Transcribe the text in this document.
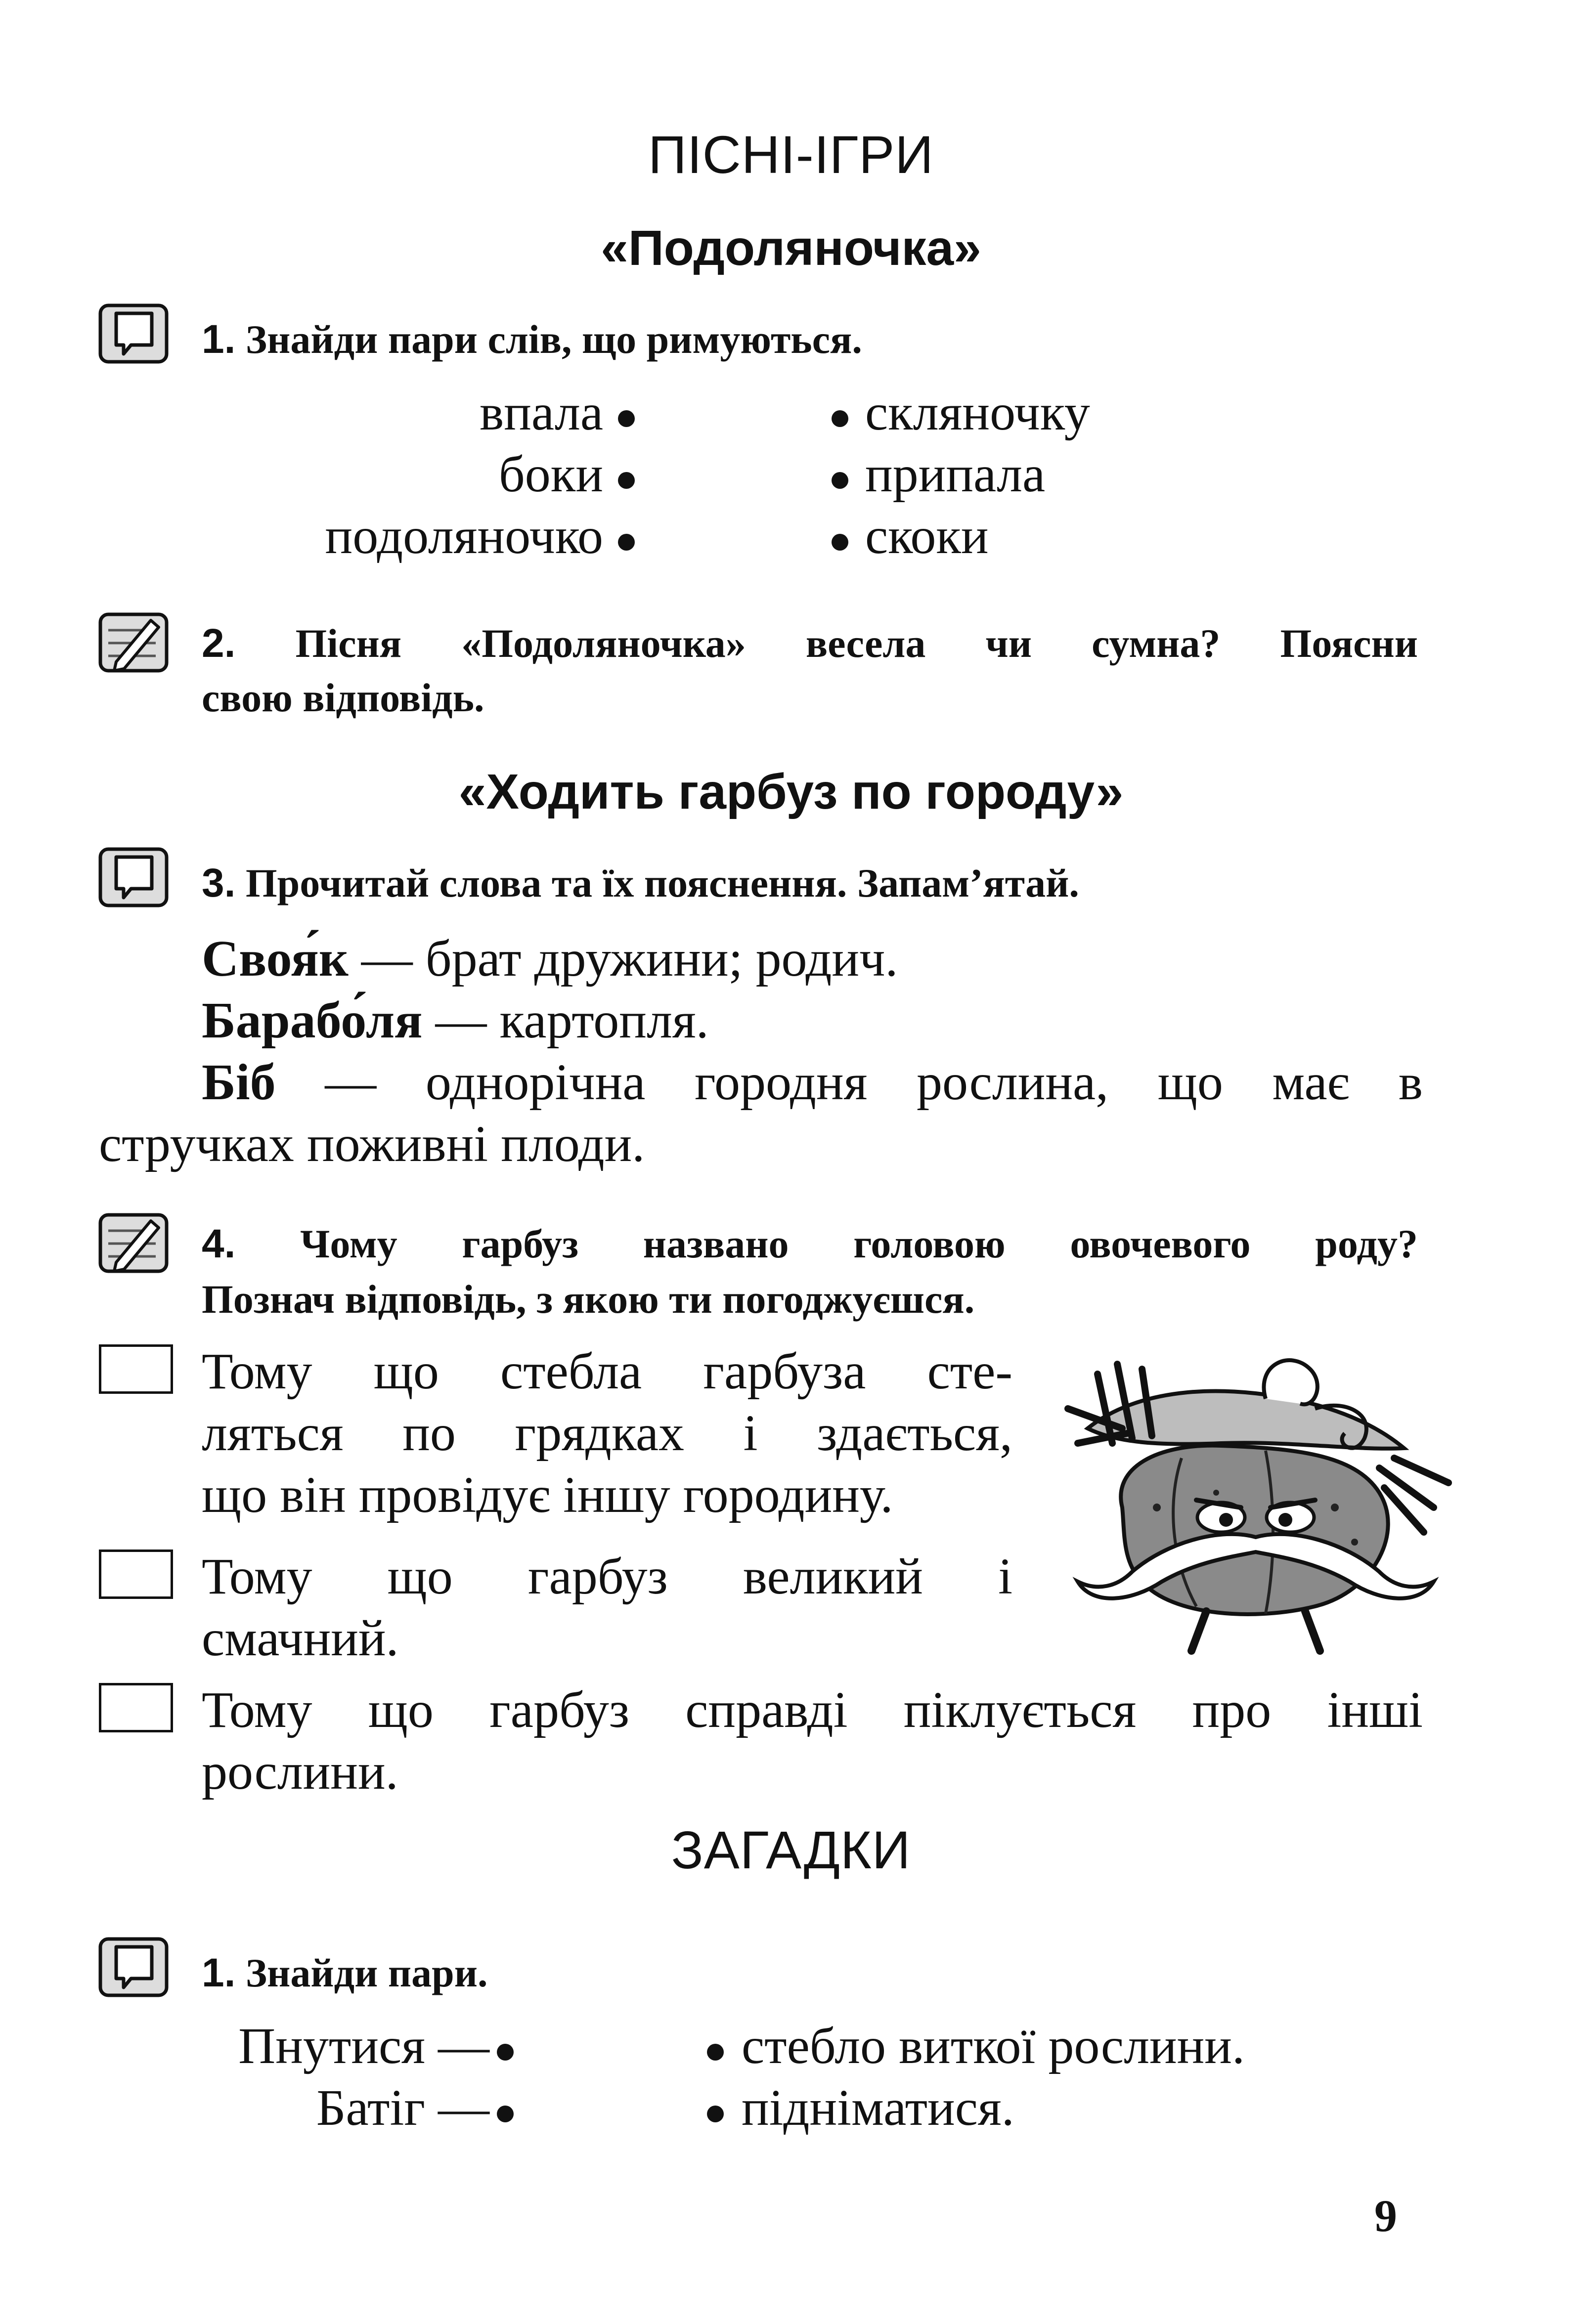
ПІСНІ-ІГРИ
«Подоляночка»
1. Знайди пари слів, що римуються.
впала
боки
подоляночко
скляночку
припала
скоки
2. Пісня «Подоляночка» весела чи сумна? Поясни
свою відповідь.
«Ходить гарбуз по городу»
3. Прочитай слова та їх пояснення. Запам’ятай.
Своя́к — брат дружини; родич.
Барабо́ля — картопля.
Біб — однорічна городня рослина, що має в
стручках поживні плоди.
4. Чому гарбуз названо головою овочевого роду?
Познач відповідь, з якою ти погоджуєшся.
Тому що стебла гарбуза сте-
ляться по грядках і здається,
що він провідує іншу городину.
Тому що гарбуз великий і
смачний.
Тому що гарбуз справді піклується про інші
рослини.
ЗАГАДКИ
1. Знайди пари.
Пнутися —
Батіг —
стебло виткої рослини.
підніматися.
9
